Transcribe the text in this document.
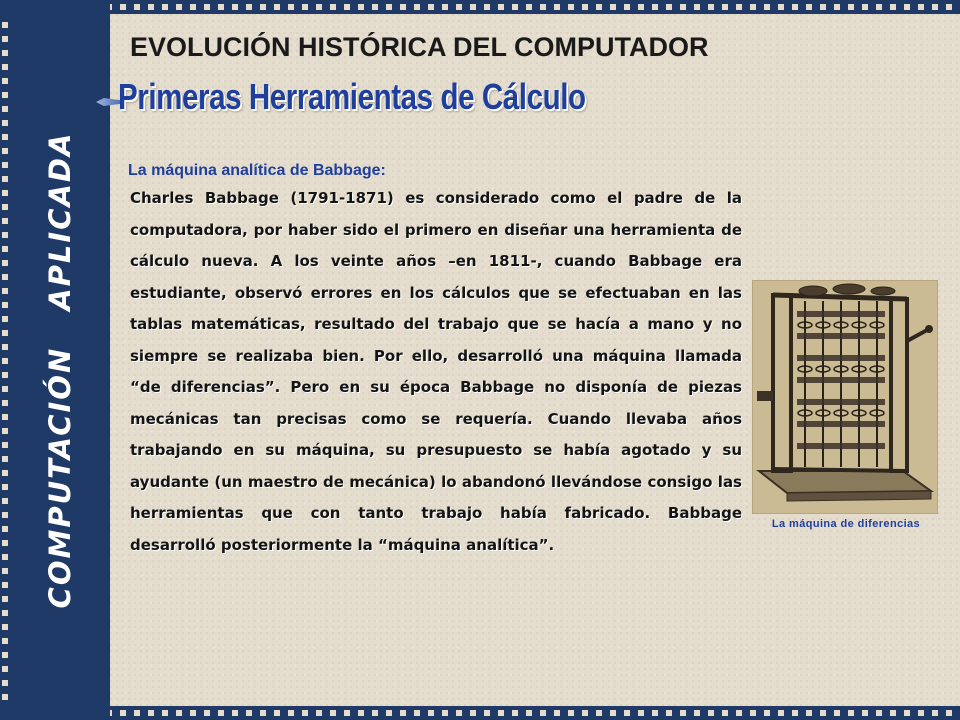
COMPUTACIÓNAPLICADA
EVOLUCIÓN HISTÓRICA DEL COMPUTADOR
Primeras Herramientas de Cálculo
La máquina analítica de Babbage:
Charles Babbage (1791-1871) es considerado como el padre de la computadora, por haber sido el primero en diseñar una herramienta de cálculo nueva. A los veinte años –en 1811-, cuando Babbage era estudiante, observó errores en los cálculos que se efectuaban en las tablas matemáticas, resultado del trabajo que se hacía a mano y no siempre se realizaba bien. Por ello, desarrolló una máquina llamada “de diferencias”. Pero en su época Babbage no disponía de piezas mecánicas tan precisas como se requería. Cuando llevaba años trabajando en su máquina, su presupuesto se había agotado y su ayudante (un maestro de mecánica) lo abandonó llevándose consigo las herramientas que con tanto trabajo había fabricado. Babbage desarrolló posteriormente la “máquina analítica”.
La máquina de diferencias
